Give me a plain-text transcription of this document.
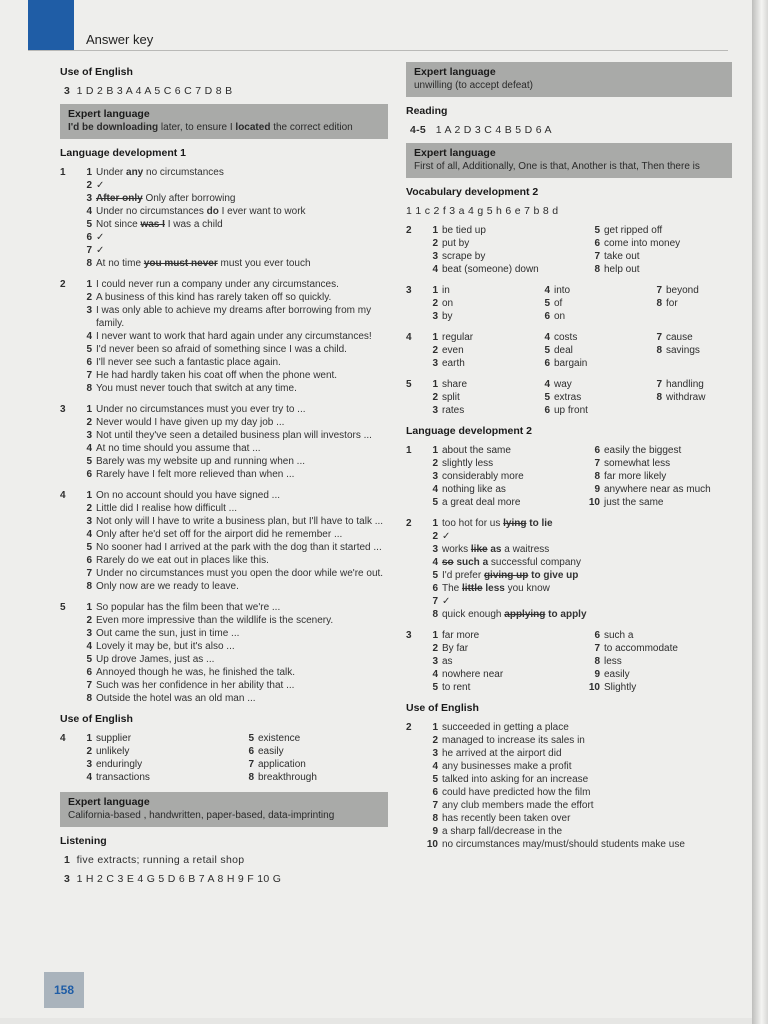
Answer key
Use of English
3 1 D 2 B 3 A 4 A 5 C 6 C 7 D 8 B
Expert language
I'd be downloading later, to ensure I located the correct edition
Language development 1
1	1 Under any no circumstances
2 ✓
3 After only Only after borrowing
4 Under no circumstances do I ever want to work
5 Not since was I I was a child
6 ✓
7 ✓
8 At no time you must never must you ever touch
2	1 I could never run a company under any circumstances.
2 A business of this kind has rarely taken off so quickly.
3 I was only able to achieve my dreams after borrowing from my family.
4 I never want to work that hard again under any circumstances!
5 I'd never been so afraid of something since I was a child.
6 I'll never see such a fantastic place again.
7 He had hardly taken his coat off when the phone went.
8 You must never touch that switch at any time.
3	1 Under no circumstances must you ever try to ...
2 Never would I have given up my day job ...
3 Not until they've seen a detailed business plan will investors ...
4 At no time should you assume that ...
5 Barely was my website up and running when ...
6 Rarely have I felt more relieved than when ...
4	1 On no account should you have signed ...
2 Little did I realise how difficult ...
3 Not only will I have to write a business plan, but I'll have to talk ...
4 Only after he'd set off for the airport did he remember ...
5 No sooner had I arrived at the park with the dog than it started ...
6 Rarely do we eat out in places like this.
7 Under no circumstances must you open the door while we're out.
8 Only now are we ready to leave.
5	1 So popular has the film been that we're ...
2 Even more impressive than the wildlife is the scenery.
3 Out came the sun, just in time ...
4 Lovely it may be, but it's also ...
5 Up drove James, just as ...
6 Annoyed though he was, he finished the talk.
7 Such was her confidence in her ability that ...
8 Outside the hotel was an old man ...
Use of English
4	1 supplier	5 existence
2 unlikely	6 easily
3 enduringly	7 application
4 transactions	8 breakthrough
Expert language
California-based , handwritten, paper-based, data-imprinting
Listening
1 five extracts; running a retail shop
3 1 H 2 C 3 E 4 G 5 D 6 B 7 A 8 H 9 F 10 G
Expert language
unwilling (to accept defeat)
Reading
4-5 1 A 2 D 3 C 4 B 5 D 6 A
Expert language
First of all, Additionally, One is that, Another is that, Then there is
Vocabulary development 2
1 1 c 2 f 3 a 4 g 5 h 6 e 7 b 8 d
2	1 be tied up	5 get ripped off
2 put by	6 come into money
3 scrape by	7 take out
4 beat (someone) down	8 help out
3	1 in	4 into	7 beyond
2 on	5 of	8 for
3 by	6 on
4	1 regular	4 costs	7 cause
2 even	5 deal	8 savings
3 earth	6 bargain
5	1 share	4 way	7 handling
2 split	5 extras	8 withdraw
3 rates	6 up front
Language development 2
1	1 about the same	6 easily the biggest
2 slightly less	7 somewhat less
3 considerably more	8 far more likely
4 nothing like as	9 anywhere near as much
5 a great deal more	10 just the same
2	1 too hot for us lying to lie
2 ✓
3 works like as a waitress
4 so such a successful company
5 I'd prefer giving up to give up
6 The little less you know
7 ✓
8 quick enough applying to apply
3	1 far more	6 such a
2 By far	7 to accommodate
3 as	8 less
4 nowhere near	9 easily
5 to rent	10 Slightly
Use of English
2	1 succeeded in getting a place
2 managed to increase its sales in
3 he arrived at the airport did
4 any businesses make a profit
5 talked into asking for an increase
6 could have predicted how the film
7 any club members made the effort
8 has recently been taken over
9 a sharp fall/decrease in the
10 no circumstances may/must/should students make use
158
